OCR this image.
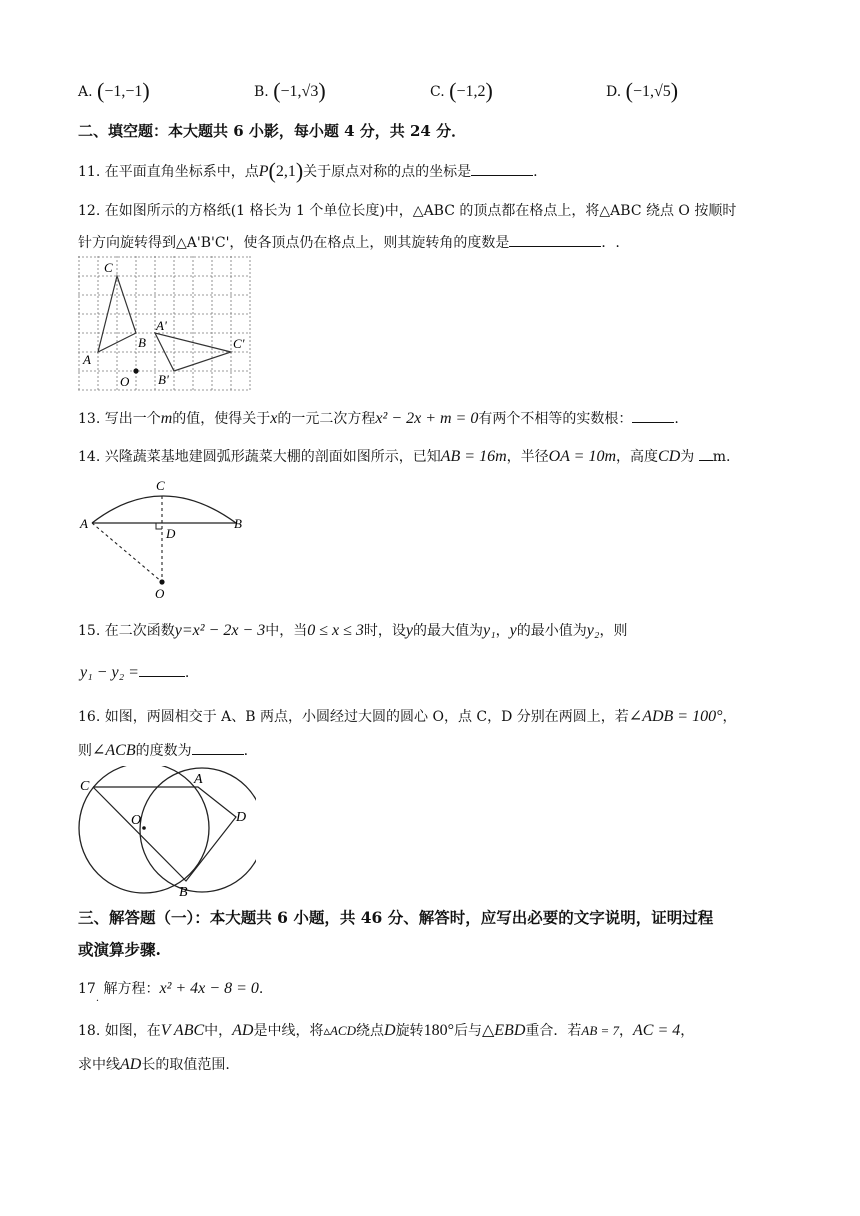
A. (−1,−1)	B. (−1,√3)	C. (−1,2)	D. (−1,√5)
二、填空题：本大题共 6 小影，每小题 4 分，共 24 分．
11. 在平面直角坐标系中，点P(2,1)关于原点对称的点的坐标是	.
12. 在如图所示的方格纸(1 格长为 1 个单位长度)中，△ABC 的顶点都在格点上，将△ABC 绕点 O 按顺时
针方向旋转得到△A'B'C'，使各顶点仍在格点上，则其旋转角的度数是	．.
C
A
B
O
A'
B'
C'
13. 写出一个m的值，使得关于x的一元二次方程x² − 2x + m = 0有两个不相等的实数根：	.
14. 兴隆蔬菜基地建圆弧形蔬菜大棚的剖面如图所示，已知AB = 16m，半径OA = 10m，高度CD为 m.
C
A
D
B
O
15. 在二次函数y=x² − 2x − 3中，当0 ≤ x ≤ 3时，设y的最大值为y₁，y的最小值为y₂，则
y₁ − y₂ =	.
16. 如图，两圆相交于 A、B 两点，小圆经过大圆的圆心 O，点 C，D 分别在两圆上，若∠ADB = 100°，
则∠ACB的度数为	.
C	A
O	D
B
三、解答题（一）：本大题共 6 小题，共 46 分、解答时，应写出必要的文字说明，证明过程
或演算步骤.
$17_.$ 解方程：x² + 4x − 8 = 0.
18. 如图，在V ABC中，AD是中线，将▵ACD绕点D旋转180°后与△EBD重合．若AB = 7，AC = 4，
求中线AD长的取值范围.
